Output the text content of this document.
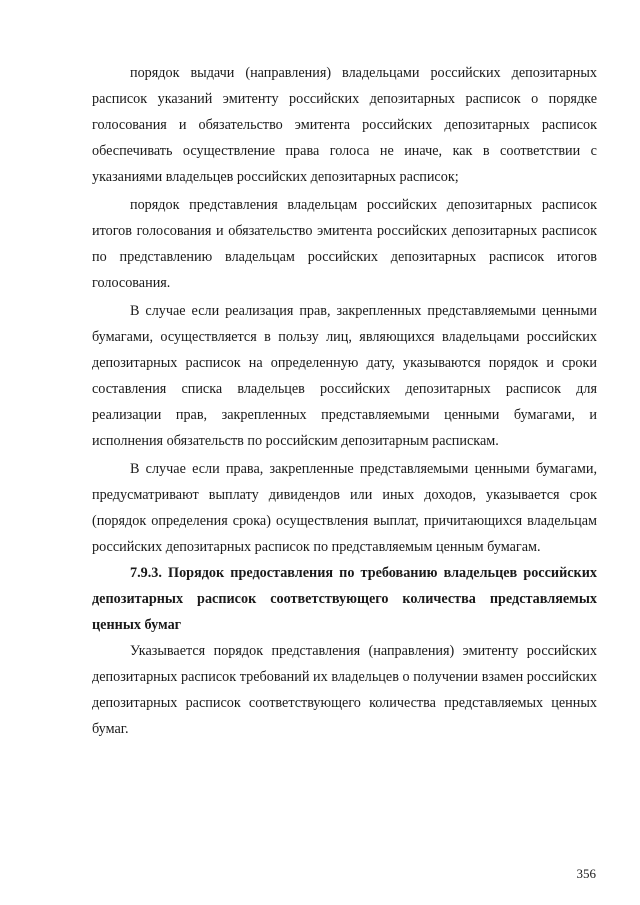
порядок выдачи (направления) владельцами российских депозитарных расписок указаний эмитенту российских депозитарных расписок о порядке голосования и обязательство эмитента российских депозитарных расписок обеспечивать осуществление права голоса не иначе, как в соответствии с указаниями владельцев российских депозитарных расписок;

порядок представления владельцам российских депозитарных расписок итогов голосования и обязательство эмитента российских депозитарных расписок по представлению владельцам российских депозитарных расписок итогов голосования.

В случае если реализация прав, закрепленных представляемыми ценными бумагами, осуществляется в пользу лиц, являющихся владельцами российских депозитарных расписок на определенную дату, указываются порядок и сроки составления списка владельцев российских депозитарных расписок для реализации прав, закрепленных представляемыми ценными бумагами, и исполнения обязательств по российским депозитарным распискам.

В случае если права, закрепленные представляемыми ценными бумагами, предусматривают выплату дивидендов или иных доходов, указывается срок (порядок определения срока) осуществления выплат, причитающихся владельцам российских депозитарных расписок по представляемым ценным бумагам.

7.9.3. Порядок предоставления по требованию владельцев российских депозитарных расписок соответствующего количества представляемых ценных бумаг

Указывается порядок представления (направления) эмитенту российских депозитарных расписок требований их владельцев о получении взамен российских депозитарных расписок соответствующего количества представляемых ценных бумаг.

356
